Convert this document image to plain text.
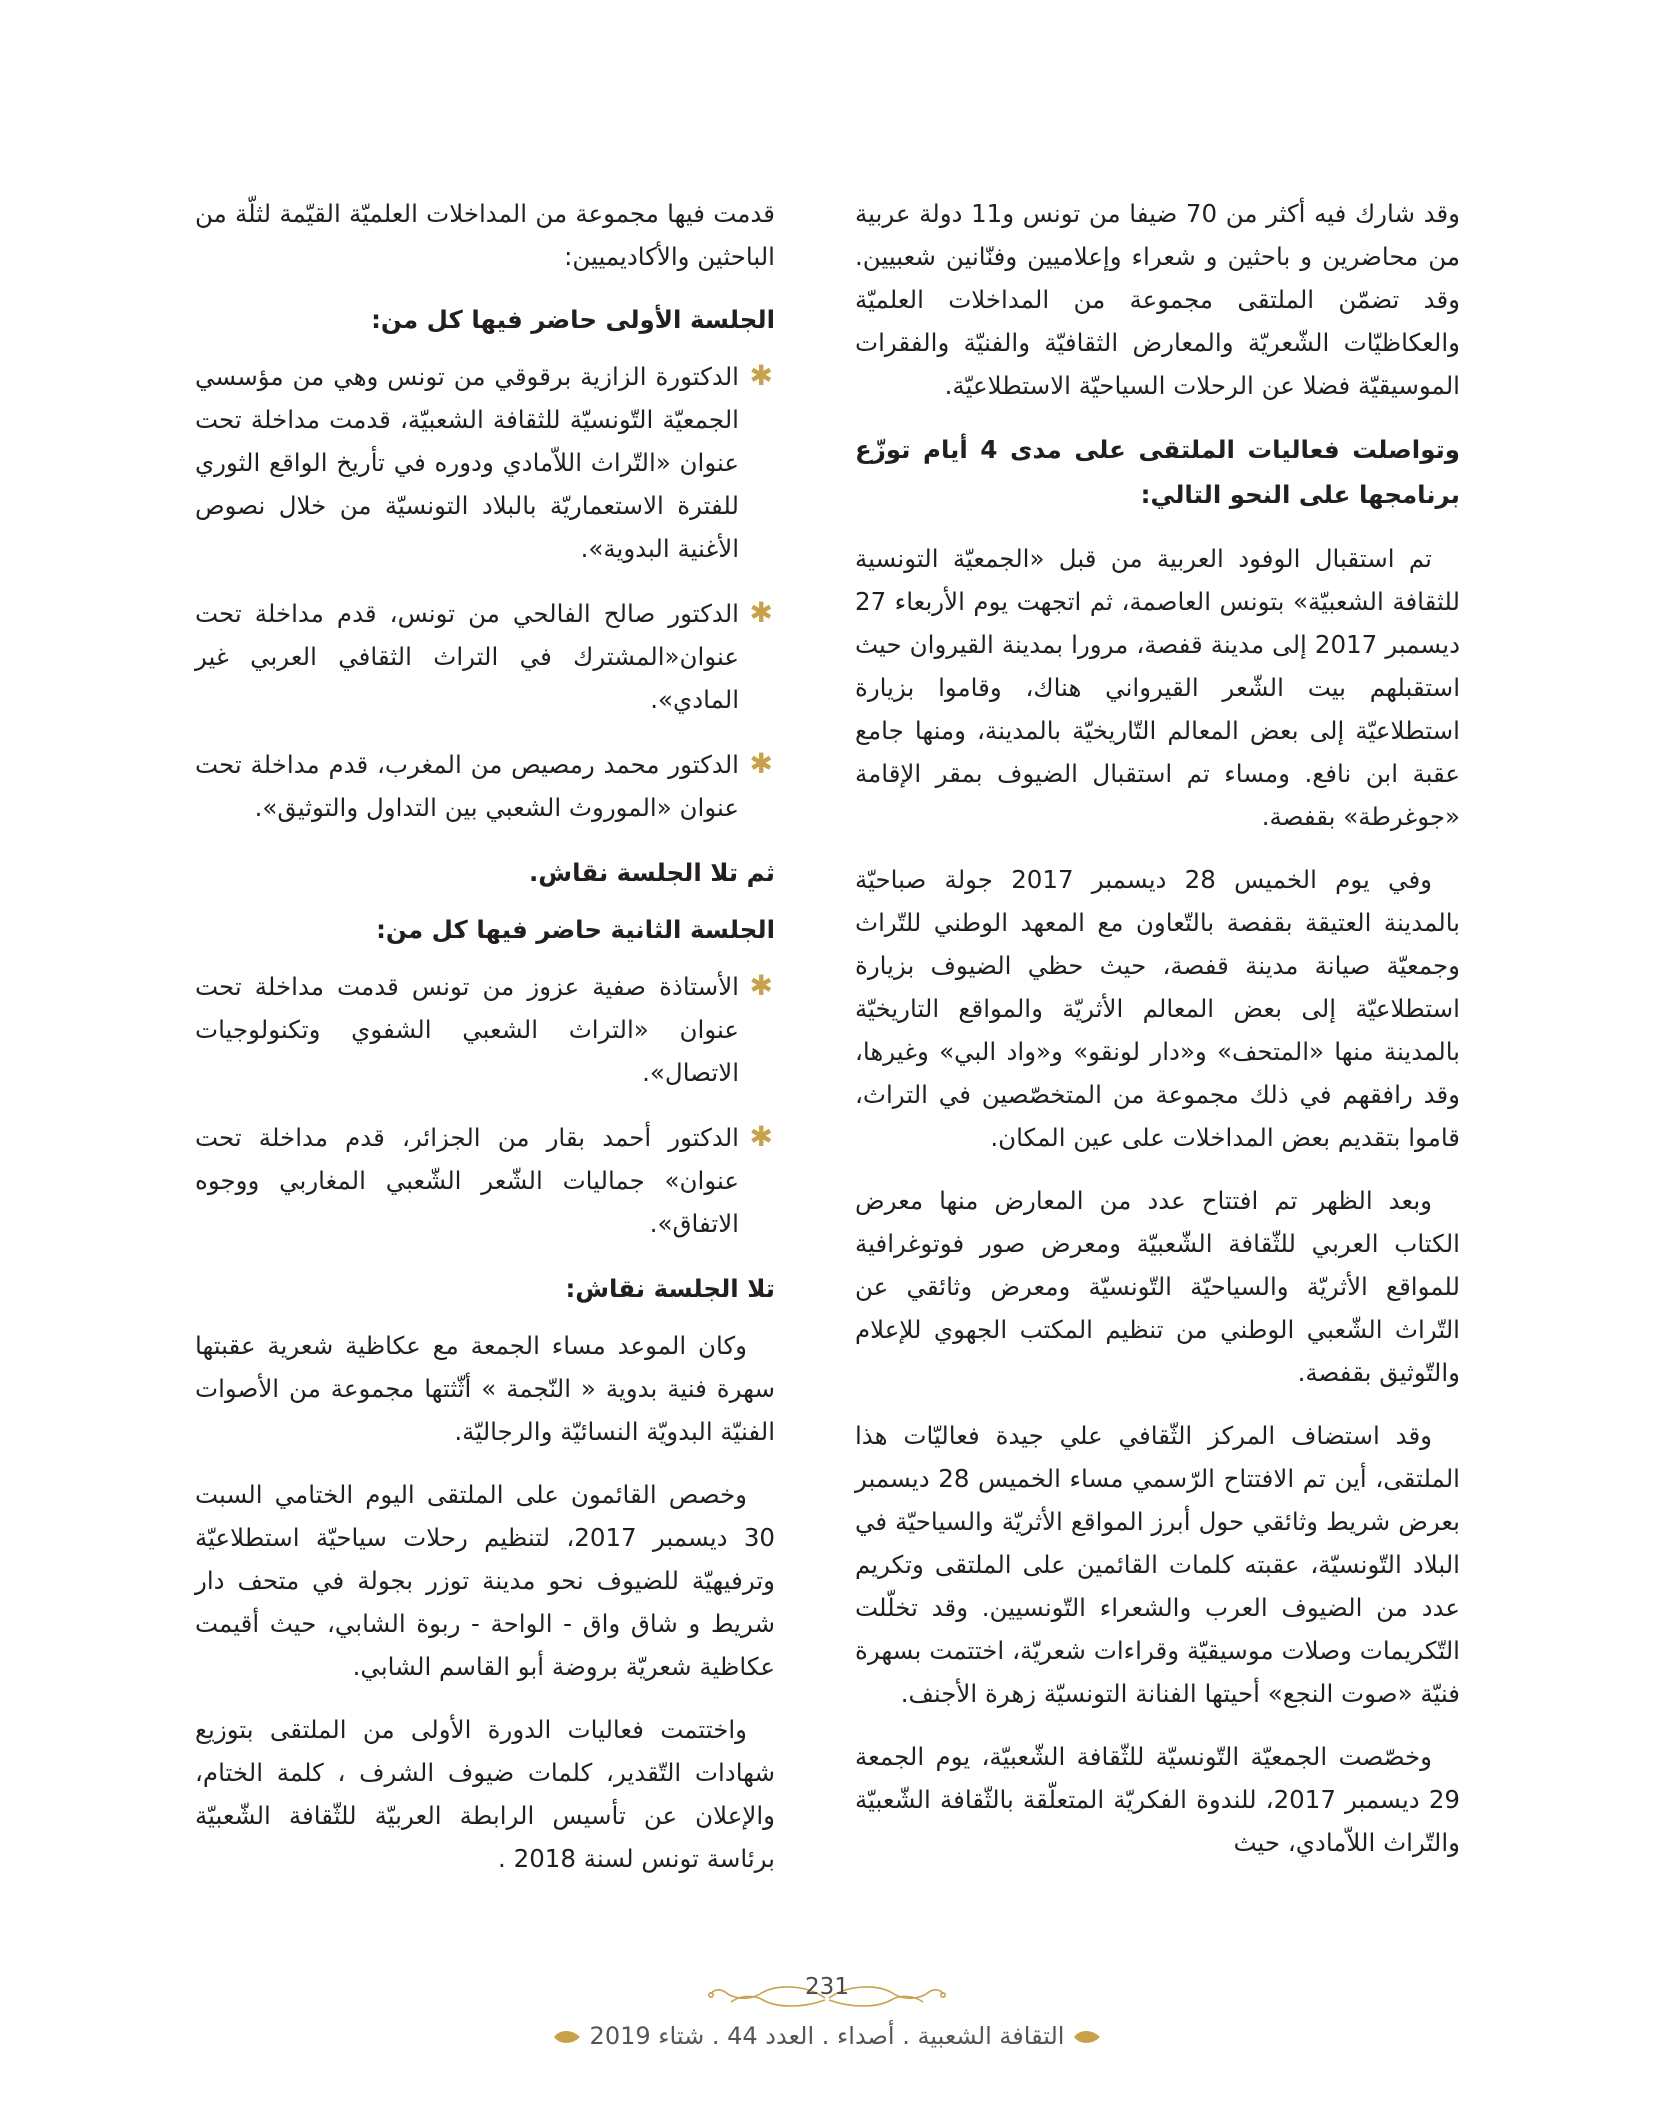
وقد شارك فيه أكثر من 70 ضيفا من تونس و11 دولة عربية من محاضرين و باحثين و شعراء وإعلاميين وفنّانين شعبيين. وقد تضمّن الملتقى مجموعة من المداخلات العلميّة والعكاظيّات الشّعريّة والمعارض الثقافيّة والفنيّة والفقرات الموسيقيّة فضلا عن الرحلات السياحيّة الاستطلاعيّة.

وتواصلت فعاليات الملتقى على مدى 4 أيام توزّع برنامجها على النحو التالي:

تم استقبال الوفود العربية من قبل «الجمعيّة التونسية للثقافة الشعبيّة» بتونس العاصمة، ثم اتجهت يوم الأربعاء 27 ديسمبر 2017 إلى مدينة قفصة، مرورا بمدينة القيروان حيث استقبلهم بيت الشّعر القيرواني هناك، وقاموا بزيارة استطلاعيّة إلى بعض المعالم التّاريخيّة بالمدينة، ومنها جامع عقبة ابن نافع. ومساء تم استقبال الضيوف بمقر الإقامة «جوغرطة» بقفصة.

وفي يوم الخميس 28 ديسمبر 2017 جولة صباحيّة بالمدينة العتيقة بقفصة بالتّعاون مع المعهد الوطني للتّراث وجمعيّة صيانة مدينة قفصة، حيث حظي الضيوف بزيارة استطلاعيّة إلى بعض المعالم الأثريّة والمواقع التاريخيّة بالمدينة منها «المتحف» و«دار لونقو» و«واد البي» وغيرها، وقد رافقهم في ذلك مجموعة من المتخصّصين في التراث، قاموا بتقديم بعض المداخلات على عين المكان.

وبعد الظهر تم افتتاح عدد من المعارض منها معرض الكتاب العربي للثّقافة الشّعبيّة ومعرض صور فوتوغرافية للمواقع الأثريّة والسياحيّة التّونسيّة ومعرض وثائقي عن التّراث الشّعبي الوطني من تنظيم المكتب الجهوي للإعلام والتّوثيق بقفصة.

وقد استضاف المركز الثّقافي علي جيدة فعاليّات هذا الملتقى، أين تم الافتتاح الرّسمي مساء الخميس 28 ديسمبر بعرض شريط وثائقي حول أبرز المواقع الأثريّة والسياحيّة في البلاد التّونسيّة، عقبته كلمات القائمين على الملتقى وتكريم عدد من الضيوف العرب والشعراء التّونسيين. وقد تخلّلت التّكريمات وصلات موسيقيّة وقراءات شعريّة، اختتمت بسهرة فنيّة «صوت النجع» أحيتها الفنانة التونسيّة زهرة الأجنف.

وخصّصت الجمعيّة التّونسيّة للثّقافة الشّعبيّة، يوم الجمعة 29 ديسمبر 2017، للندوة الفكريّة المتعلّقة بالثّقافة الشّعبيّة والتّراث اللاّمادي، حيث

قدمت فيها مجموعة من المداخلات العلميّة القيّمة لثلّة من الباحثين والأكاديميين:

الجلسة الأولى حاضر فيها كل من:
✱
الدكتورة الزازية برقوقي من تونس وهي من مؤسسي الجمعيّة التّونسيّة للثقافة الشعبيّة، قدمت مداخلة تحت عنوان «التّراث اللاّمادي ودوره في تأريخ الواقع الثوري للفترة الاستعماريّة بالبلاد التونسيّة من خلال نصوص الأغنية البدوية».
✱
الدكتور صالح الفالحي من تونس، قدم مداخلة تحت عنوان«المشترك في التراث الثقافي العربي غير المادي».
✱
الدكتور محمد رمصيص من المغرب، قدم مداخلة تحت عنوان «الموروث الشعبي بين التداول والتوثيق».
ثم تلا الجلسة نقاش.
الجلسة الثانية حاضر فيها كل من:
✱
الأستاذة صفية عزوز من تونس قدمت مداخلة تحت عنوان «التراث الشعبي الشفوي وتكنولوجيات الاتصال».
✱
الدكتور أحمد بقار من الجزائر، قدم مداخلة تحت عنوان» جماليات الشّعر الشّعبي المغاربي ووجوه الاتفاق».
تلا الجلسة نقاش:

وكان الموعد مساء الجمعة مع عكاظية شعرية عقبتها سهرة فنية بدوية « النّجمة » أثّثتها مجموعة من الأصوات الفنيّة البدويّة النسائيّة والرجاليّة.

وخصص القائمون على الملتقى اليوم الختامي السبت 30 ديسمبر 2017، لتنظيم رحلات سياحيّة استطلاعيّة وترفيهيّة للضيوف نحو مدينة توزر بجولة في متحف دار شريط و شاق واق - الواحة - ربوة الشابي، حيث أقيمت عكاظية شعريّة بروضة أبو القاسم الشابي.

واختتمت فعاليات الدورة الأولى من الملتقى بتوزيع شهادات التّقدير، كلمات ضيوف الشرف ، كلمة الختام، والإعلان عن تأسيس الرابطة العربيّة للثّقافة الشّعبيّة برئاسة تونس لسنة 2018 .

231
التقافة الشعبية . أصداء . العدد 44 . شتاء 2019
